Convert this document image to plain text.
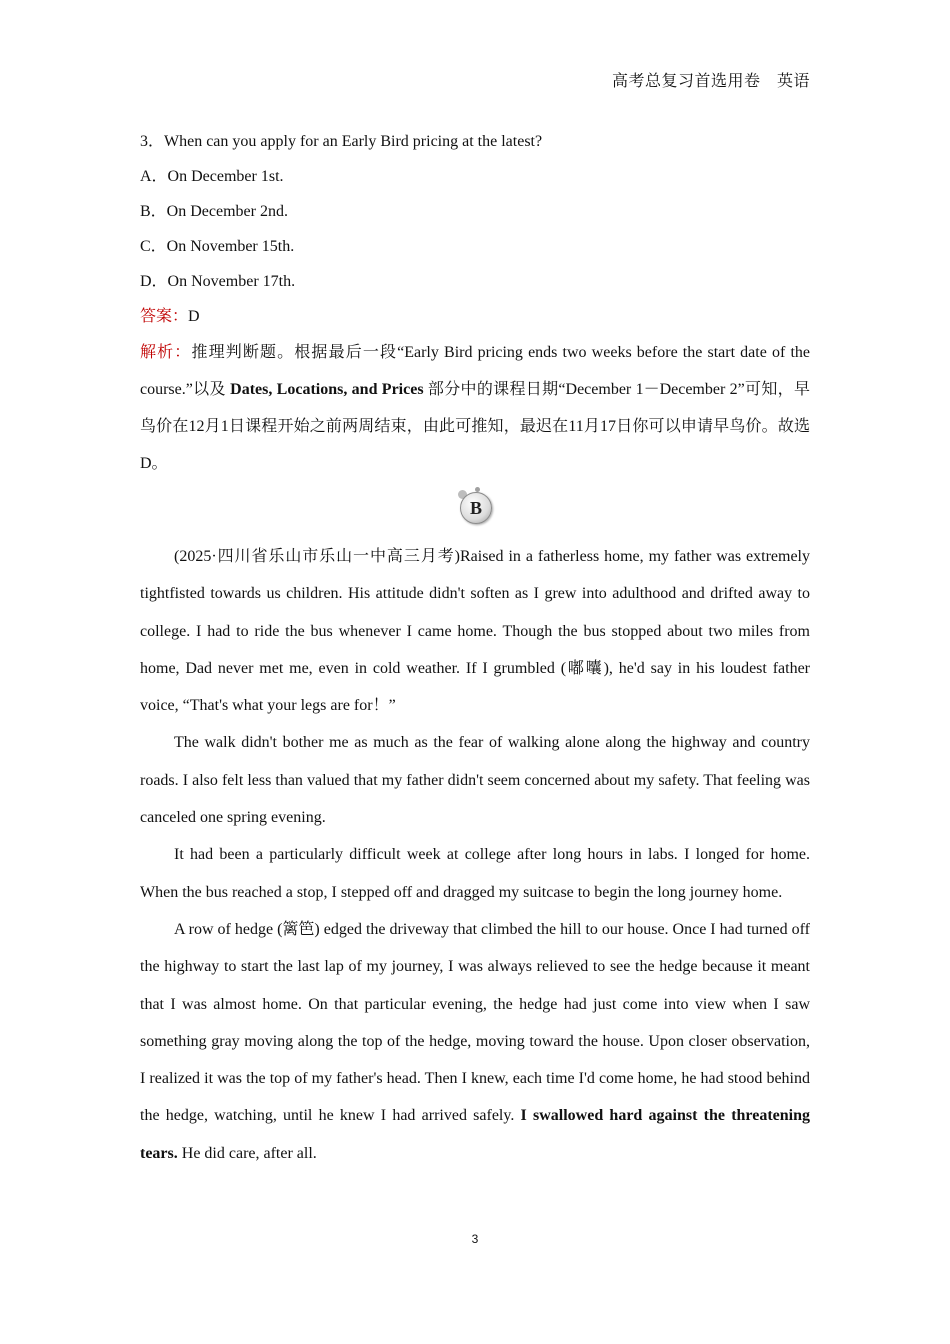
高考总复习首选用卷　英语
3．When can you apply for an Early Bird pricing at the latest?
A．On December 1st.
B．On December 2nd.
C．On November 15th.
D．On November 17th.
答案：D

解析：推理判断题。根据最后一段“Early Bird pricing ends two weeks before the start date of the course.”以及 Dates, Locations, and Prices 部分中的课程日期“December 1－December 2”可知，早鸟价在12月1日课程开始之前两周结束，由此可推知，最迟在11月17日你可以申请早鸟价。故选 D。

B

(2025·四川省乐山市乐山一中高三月考)Raised in a fatherless home, my father was extremely tightfisted towards us children. His attitude didn't soften as I grew into adulthood and drifted away to college. I had to ride the bus whenever I came home. Though the bus stopped about two miles from home, Dad never met me, even in cold weather. If I grumbled (嘟囔), he'd say in his loudest father voice, “That's what your legs are for！”

The walk didn't bother me as much as the fear of walking alone along the highway and country roads. I also felt less than valued that my father didn't seem concerned about my safety. That feeling was canceled one spring evening.

It had been a particularly difficult week at college after long hours in labs. I longed for home. When the bus reached a stop, I stepped off and dragged my suitcase to begin the long journey home.

A row of hedge (篱笆) edged the driveway that climbed the hill to our house. Once I had turned off the highway to start the last lap of my journey, I was always relieved to see the hedge because it meant that I was almost home. On that particular evening, the hedge had just come into view when I saw something gray moving along the top of the hedge, moving toward the house. Upon closer observation, I realized it was the top of my father's head. Then I knew, each time I'd come home, he had stood behind the hedge, watching, until he knew I had arrived safely. I swallowed hard against the threatening tears. He did care, after all.

3
